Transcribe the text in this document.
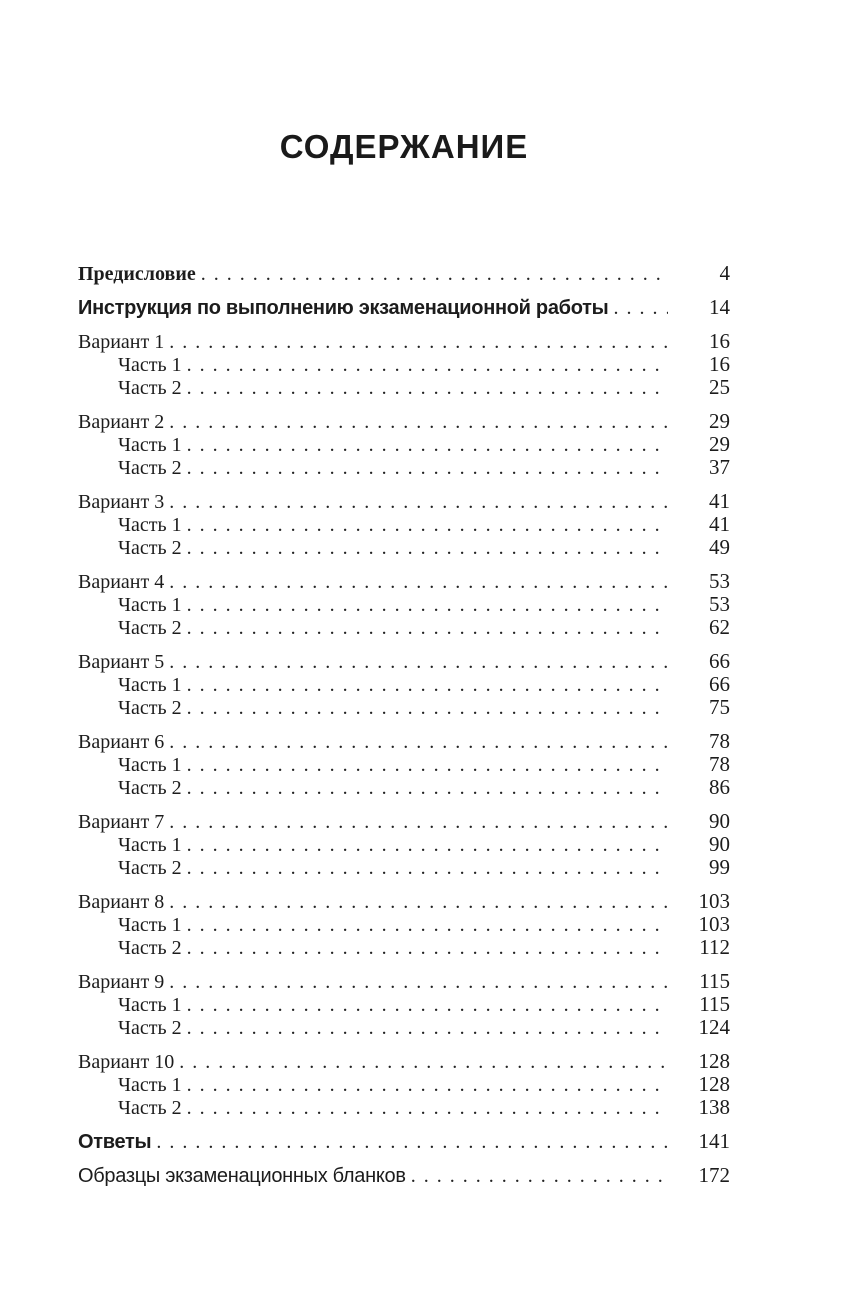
СОДЕРЖАНИЕ
Предисловие .....	4
Инструкция по выполнению экзаменационной работы .....	14
Вариант 1 .....	16
Часть 1 .....	16
Часть 2 .....	25
Вариант 2 .....	29
Часть 1 .....	29
Часть 2 .....	37
Вариант 3 .....	41
Часть 1 .....	41
Часть 2 .....	49
Вариант 4 .....	53
Часть 1 .....	53
Часть 2 .....	62
Вариант 5 .....	66
Часть 1 .....	66
Часть 2 .....	75
Вариант 6 .....	78
Часть 1 .....	78
Часть 2 .....	86
Вариант 7 .....	90
Часть 1 .....	90
Часть 2 .....	99
Вариант 8 .....	103
Часть 1 .....	103
Часть 2 .....	112
Вариант 9 .....	115
Часть 1 .....	115
Часть 2 .....	124
Вариант 10 .....	128
Часть 1 .....	128
Часть 2 .....	138
Ответы .....	141
Образцы экзаменационных бланков .....	172
